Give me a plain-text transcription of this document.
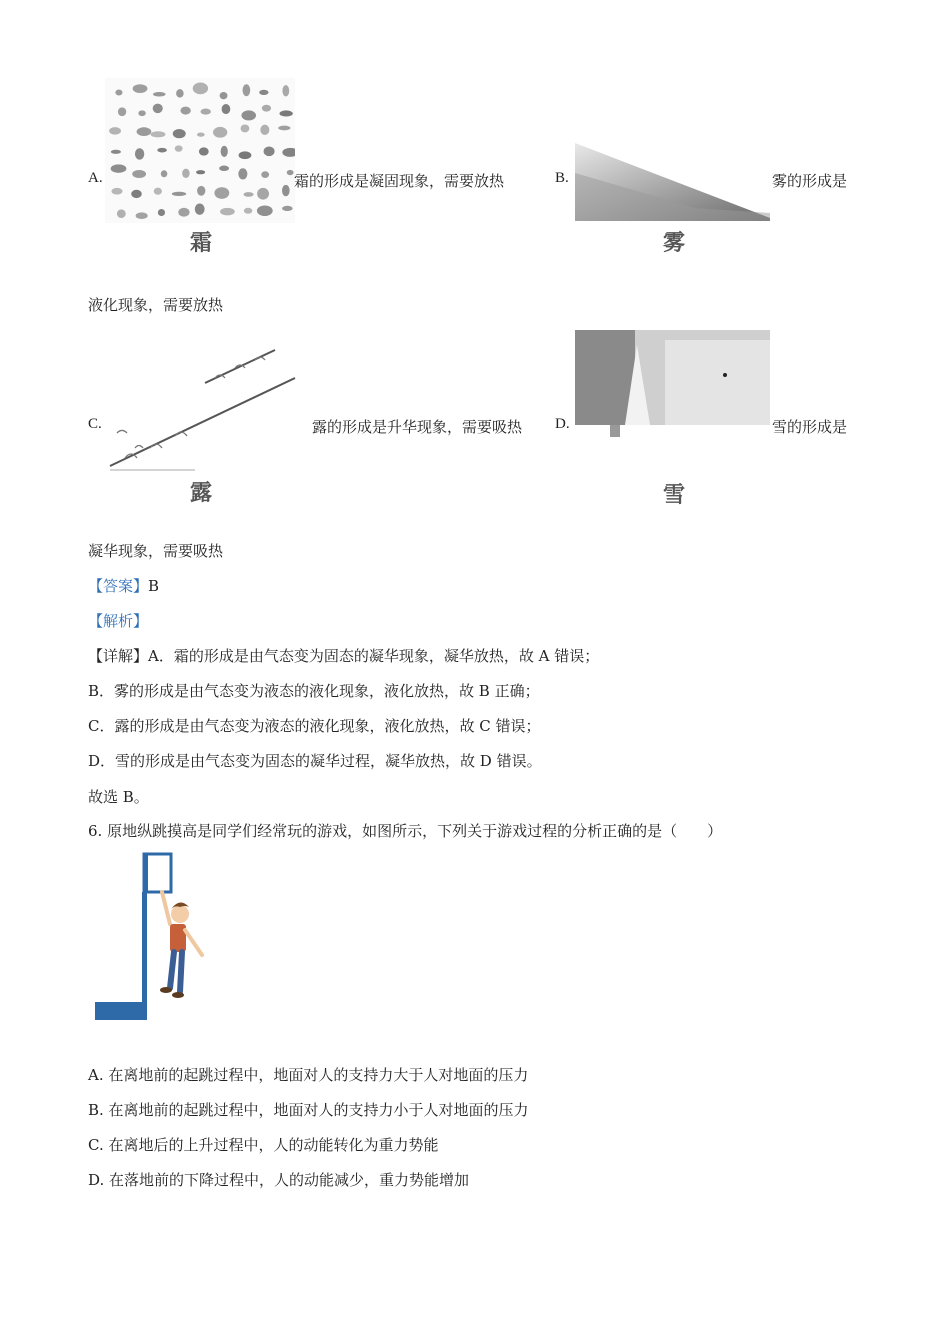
A.
霜
霜的形成是凝固现象，需要放热	B.
雾
雾的形成是
液化现象，需要放热
C.
露
露的形成是升华现象，需要吸热 D.
雪
雪的形成是
凝华现象，需要吸热
【答案】B
【解析】
【详解】A．霜的形成是由气态变为固态的凝华现象，凝华放热，故 A 错误；
B．雾的形成是由气态变为液态的液化现象，液化放热，故 B 正确；
C．露的形成是由气态变为液态的液化现象，液化放热，故 C 错误；
D．雪的形成是由气态变为固态的凝华过程，凝华放热，故 D 错误。
故选 B。
6. 原地纵跳摸高是同学们经常玩的游戏，如图所示，下列关于游戏过程的分析正确的是（　　）
A. 在离地前的起跳过程中，地面对人的支持力大于人对地面的压力
B. 在离地前的起跳过程中，地面对人的支持力小于人对地面的压力
C. 在离地后的上升过程中，人的动能转化为重力势能
D. 在落地前的下降过程中，人的动能减少，重力势能增加
